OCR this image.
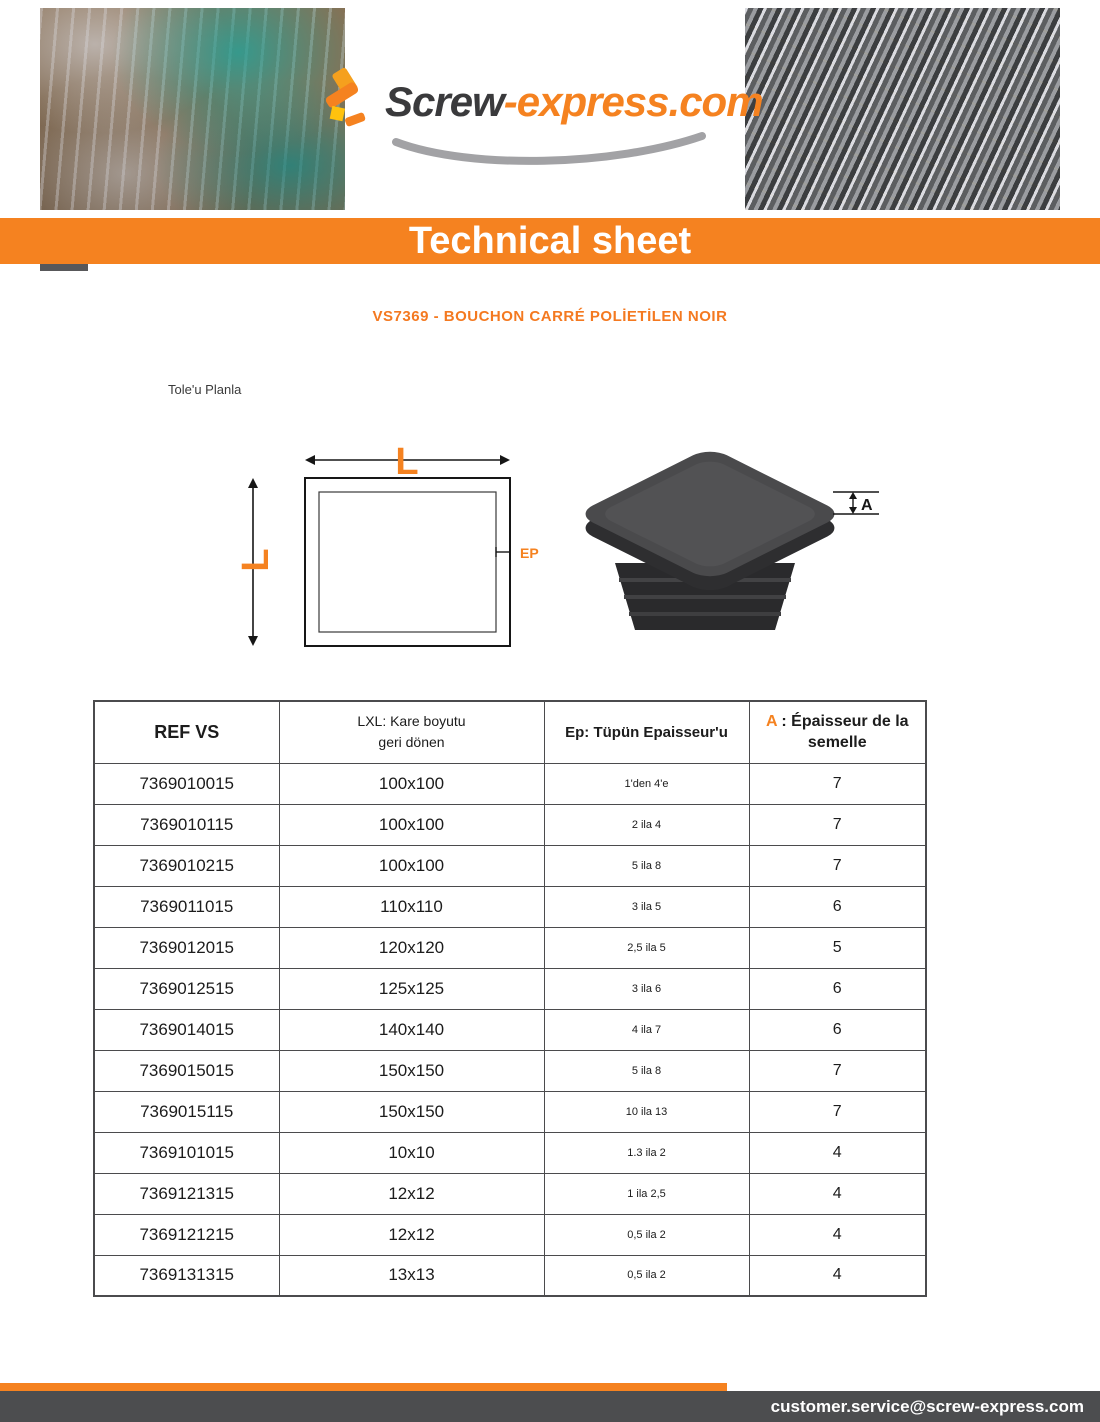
Screw-express.com
Technical sheet
VS7369 - BOUCHON CARRÉ POLİETİLEN NOIR
Tole'u Planla
L
L	EP
A
REF VS	LXL: Kare boyutu
geri dönen	Ep: Tüpün Epaisseur'u	A : Épaisseur de la semelle
7369010015	100x100	1'den 4'e	7
7369010115	100x100	2 ila 4	7
7369010215	100x100	5 ila 8	7
7369011015	110x110	3 ila 5	6
7369012015	120x120	2,5 ila 5	5
7369012515	125x125	3 ila 6	6
7369014015	140x140	4 ila 7	6
7369015015	150x150	5 ila 8	7
7369015115	150x150	10 ila 13	7
7369101015	10x10	1.3 ila 2	4
7369121315	12x12	1 ila 2,5	4
7369121215	12x12	0,5 ila 2	4
7369131315	13x13	0,5 ila 2	4
customer.service@screw-express.com
